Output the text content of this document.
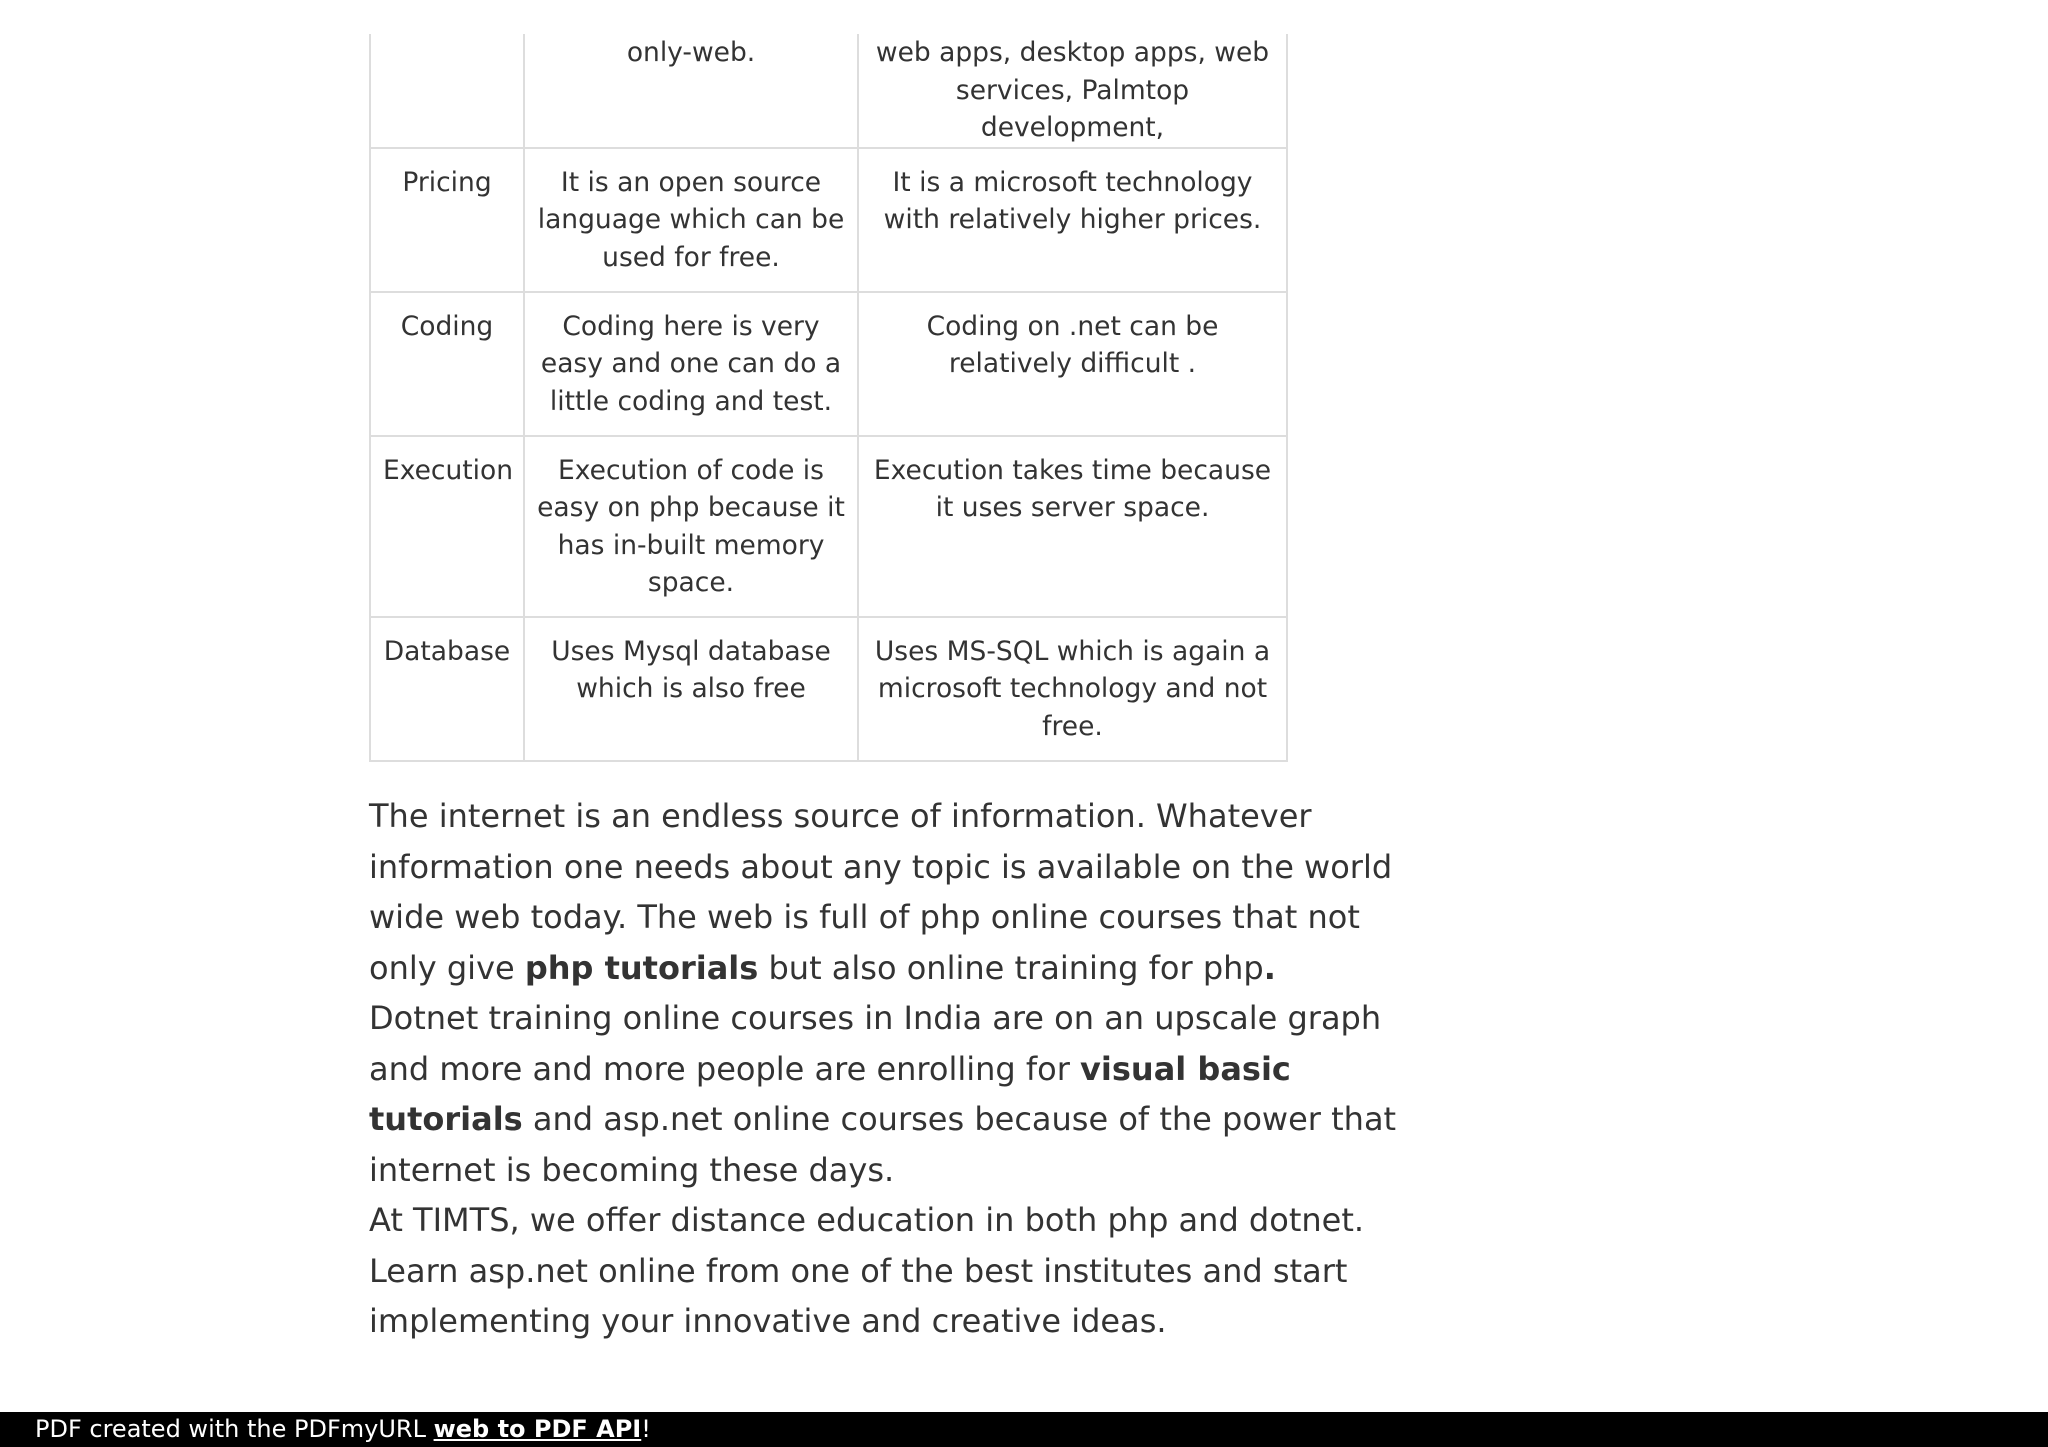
	only-web.	web apps, desktop apps, web services, Palmtop development,
Pricing	It is an open source language which can be used for free.	It is a microsoft technology with relatively higher prices.
Coding	Coding here is very easy and one can do a little coding and test.	Coding on .net can be relatively difficult .
Execution	Execution of code is easy on php because it has in-built memory space.	Execution takes time because it uses server space.
Database	Uses Mysql database which is also free	Uses MS-SQL which is again a microsoft technology and not free.

The internet is an endless source of information. Whatever
information one needs about any topic is available on the world
wide web today. The web is full of php online courses that not
only give php tutorials but also online training for php.
Dotnet training online courses in India are on an upscale graph
and more and more people are enrolling for visual basic
tutorials and asp.net online courses because of the power that
internet is becoming these days.

At TIMTS, we offer distance education in both php and dotnet.
Learn asp.net online from one of the best institutes and start
implementing your innovative and creative ideas.

PDF created with the PDFmyURL web to PDF API!
